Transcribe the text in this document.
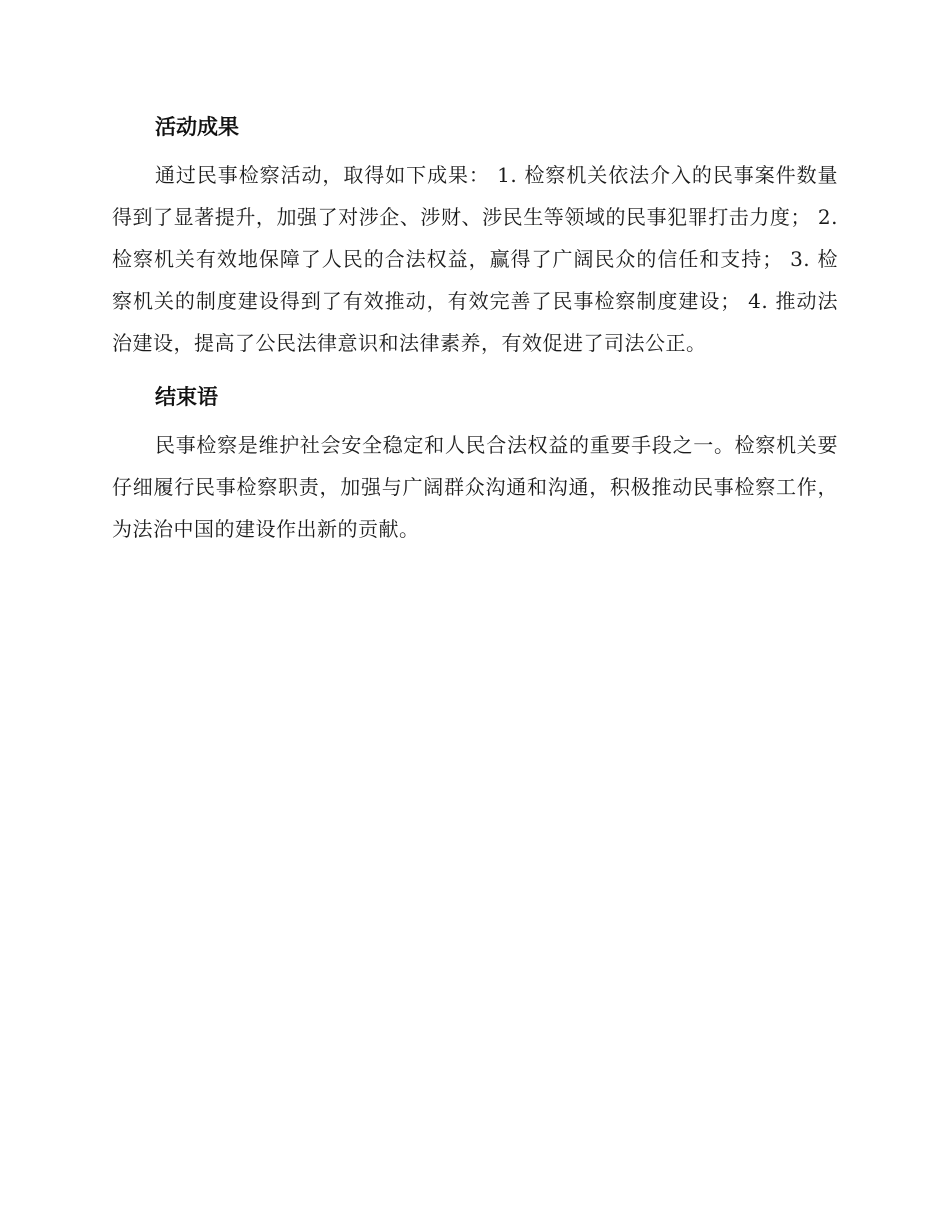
活动成果

通过民事检察活动，取得如下成果： 1. 检察机关依法介入的民事案件数量得到了显著提升，加强了对涉企、涉财、涉民生等领域的民事犯罪打击力度； 2. 检察机关有效地保障了人民的合法权益，赢得了广阔民众的信任和支持； 3. 检察机关的制度建设得到了有效推动，有效完善了民事检察制度建设； 4. 推动法治建设，提高了公民法律意识和法律素养，有效促进了司法公正。

结束语

民事检察是维护社会安全稳定和人民合法权益的重要手段之一。检察机关要仔细履行民事检察职责，加强与广阔群众沟通和沟通，积极推动民事检察工作，为法治中国的建设作出新的贡献。
